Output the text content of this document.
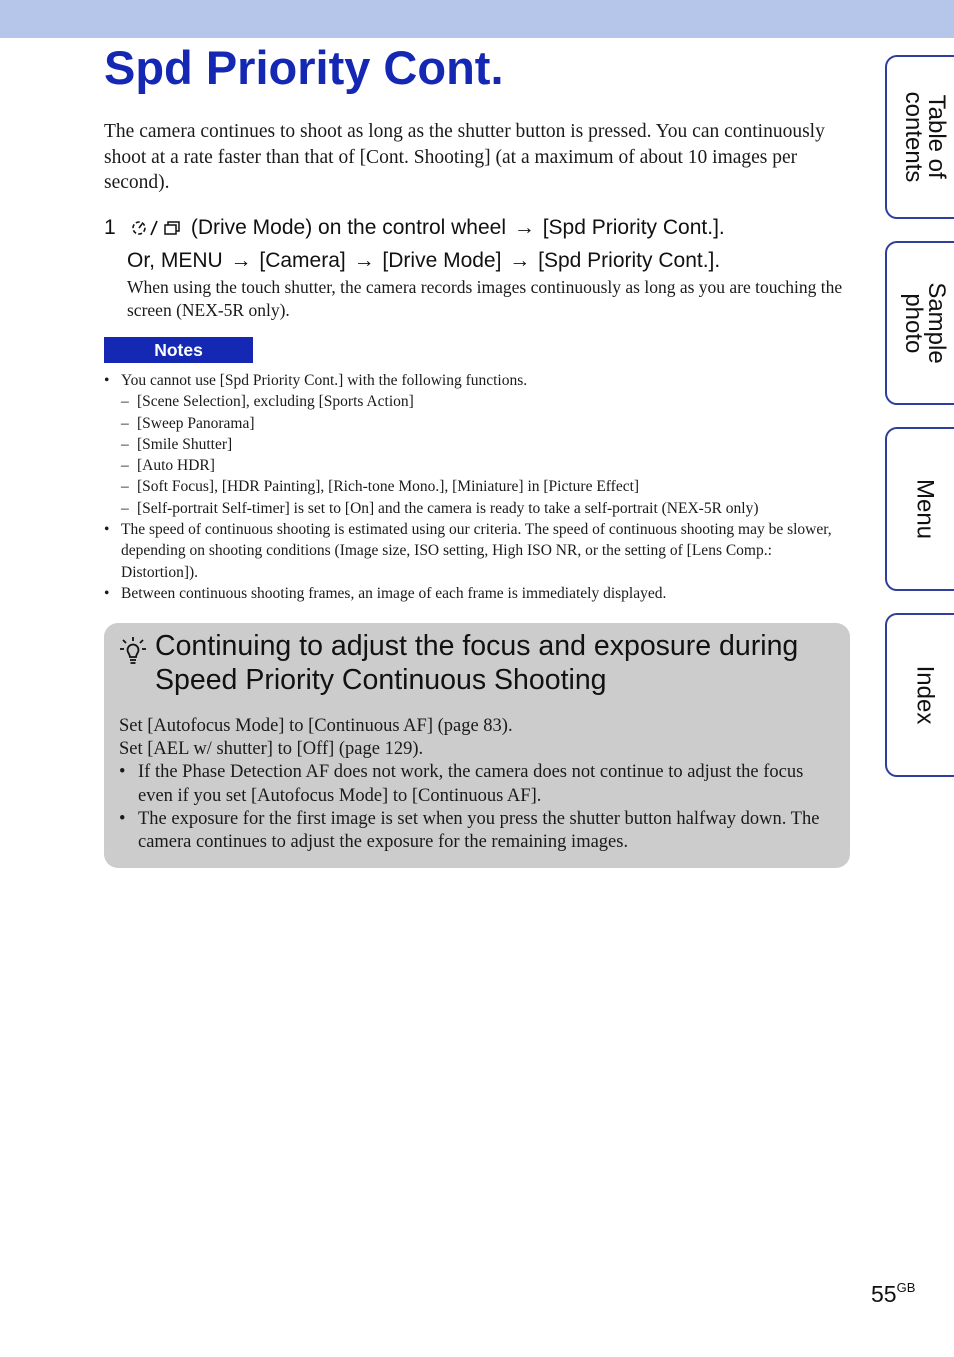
Spd Priority Cont.

The camera continues to shoot as long as the shutter button is pressed. You can continuously shoot at a rate faster than that of [Cont. Shooting] (at a maximum of about 10 images per second).

1	(Drive Mode) on the control wheel → [Spd Priority Cont.].
Or, MENU → [Camera] → [Drive Mode] → [Spd Priority Cont.].
When using the touch shutter, the camera records images continuously as long as you are touching the screen (NEX-5R only).
Notes
• You cannot use [Spd Priority Cont.] with the following functions.
– [Scene Selection], excluding [Sports Action]
– [Sweep Panorama]
– [Smile Shutter]
– [Auto HDR]
– [Soft Focus], [HDR Painting], [Rich-tone Mono.], [Miniature] in [Picture Effect]
– [Self-portrait Self-timer] is set to [On] and the camera is ready to take a self-portrait (NEX-5R only)
• The speed of continuous shooting is estimated using our criteria. The speed of continuous shooting may be slower, depending on shooting conditions (Image size, ISO setting, High ISO NR, or the setting of [Lens Comp.: Distortion]).
• Between continuous shooting frames, an image of each frame is immediately displayed.
Continuing to adjust the focus and exposure during Speed Priority Continuous Shooting
Set [Autofocus Mode] to [Continuous AF] (page 83).
Set [AEL w/ shutter] to [Off] (page 129).
• If the Phase Detection AF does not work, the camera does not continue to adjust the focus even if you set [Autofocus Mode] to [Continuous AF].
• The exposure for the first image is set when you press the shutter button halfway down. The camera continues to adjust the exposure for the remaining images.
Table of contents
Sample photo
Menu
Index
$55^{GB}$
